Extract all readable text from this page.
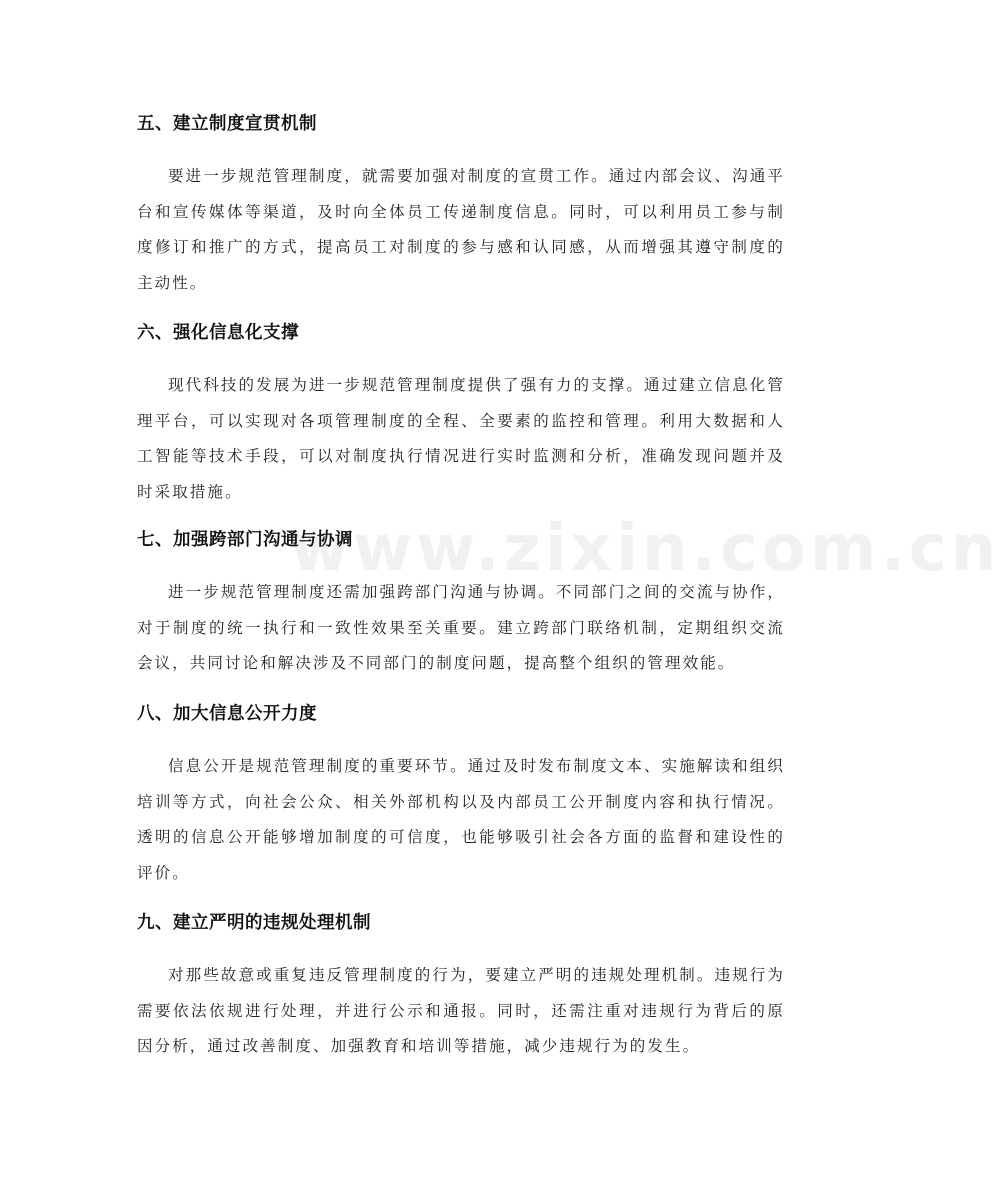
www.zixin.com.cn
五、建立制度宣贯机制

要进一步规范管理制度，就需要加强对制度的宣贯工作。通过内部会议、沟通平台和宣传媒体等渠道，及时向全体员工传递制度信息。同时，可以利用员工参与制度修订和推广的方式，提高员工对制度的参与感和认同感，从而增强其遵守制度的主动性。

六、强化信息化支撑

现代科技的发展为进一步规范管理制度提供了强有力的支撑。通过建立信息化管理平台，可以实现对各项管理制度的全程、全要素的监控和管理。利用大数据和人工智能等技术手段，可以对制度执行情况进行实时监测和分析，准确发现问题并及时采取措施。

七、加强跨部门沟通与协调

进一步规范管理制度还需加强跨部门沟通与协调。不同部门之间的交流与协作，对于制度的统一执行和一致性效果至关重要。建立跨部门联络机制，定期组织交流会议，共同讨论和解决涉及不同部门的制度问题，提高整个组织的管理效能。

八、加大信息公开力度

信息公开是规范管理制度的重要环节。通过及时发布制度文本、实施解读和组织培训等方式，向社会公众、相关外部机构以及内部员工公开制度内容和执行情况。透明的信息公开能够增加制度的可信度，也能够吸引社会各方面的监督和建设性的评价。

九、建立严明的违规处理机制

对那些故意或重复违反管理制度的行为，要建立严明的违规处理机制。违规行为需要依法依规进行处理，并进行公示和通报。同时，还需注重对违规行为背后的原因分析，通过改善制度、加强教育和培训等措施，减少违规行为的发生。
